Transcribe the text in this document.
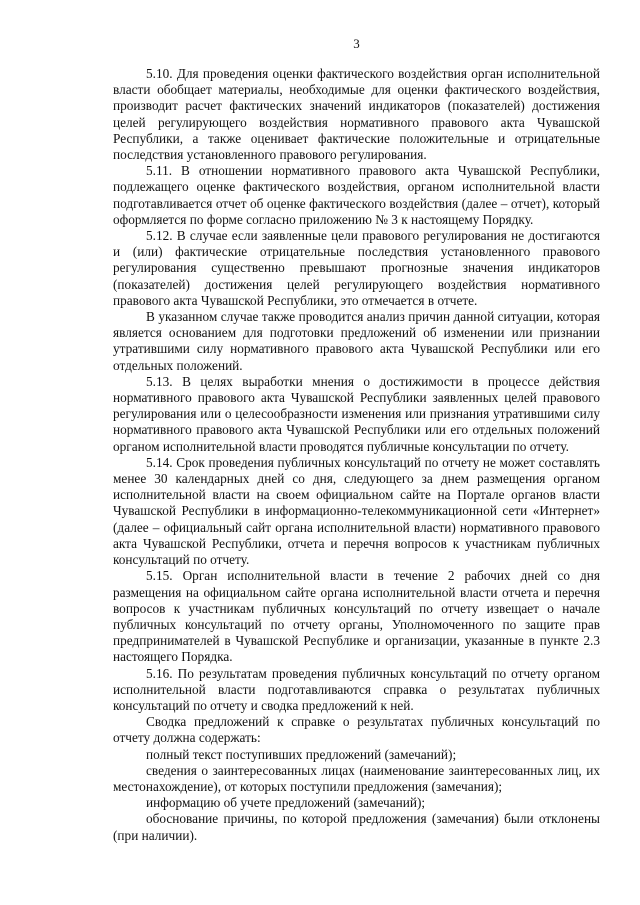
3

5.10. Для проведения оценки фактического воздействия орган исполнительной власти обобщает материалы, необходимые для оценки фактического воздействия, производит расчет фактических значений индикаторов (показателей) достижения целей регулирующего воздействия нормативного правового акта Чувашской Республики, а также оценивает фактические положительные и отрицательные последствия установленного правового регулирования.

5.11. В отношении нормативного правового акта Чувашской Республики, подлежащего оценке фактического воздействия, органом исполнительной власти подготавливается отчет об оценке фактического воздействия (далее – отчет), который оформляется по форме согласно приложению № 3 к настоящему Порядку.

5.12. В случае если заявленные цели правового регулирования не достигаются и (или) фактические отрицательные последствия установленного правового регулирования существенно превышают прогнозные значения индикаторов (показателей) достижения целей регулирующего воздействия нормативного правового акта Чувашской Республики, это отмечается в отчете.

В указанном случае также проводится анализ причин данной ситуации, которая является основанием для подготовки предложений об изменении или признании утратившими силу нормативного правового акта Чувашской Республики или его отдельных положений.

5.13. В целях выработки мнения о достижимости в процессе действия нормативного правового акта Чувашской Республики заявленных целей правового регулирования или о целесообразности изменения или признания утратившими силу нормативного правового акта Чувашской Республики или его отдельных положений органом исполнительной власти проводятся публичные консультации по отчету.

5.14. Срок проведения публичных консультаций по отчету не может составлять менее 30 календарных дней со дня, следующего за днем размещения органом исполнительной власти на своем официальном сайте на Портале органов власти Чувашской Республики в информационно-телекоммуникационной сети «Интернет» (далее – официальный сайт органа исполнительной власти) нормативного правового акта Чувашской Республики, отчета и перечня вопросов к участникам публичных консультаций по отчету.

5.15. Орган исполнительной власти в течение 2 рабочих дней со дня размещения на официальном сайте органа исполнительной власти отчета и перечня вопросов к участникам публичных консультаций по отчету извещает о начале публичных консультаций по отчету органы, Уполномоченного по защите прав предпринимателей в Чувашской Республике и организации, указанные в пункте 2.3 настоящего Порядка.

5.16. По результатам проведения публичных консультаций по отчету органом исполнительной власти подготавливаются справка о результатах публичных консультаций по отчету и сводка предложений к ней.

Сводка предложений к справке о результатах публичных консультаций по отчету должна содержать:

полный текст поступивших предложений (замечаний);

сведения о заинтересованных лицах (наименование заинтересованных лиц, их местонахождение), от которых поступили предложения (замечания);

информацию об учете предложений (замечаний);

обоснование причины, по которой предложения (замечания) были отклонены (при наличии).
